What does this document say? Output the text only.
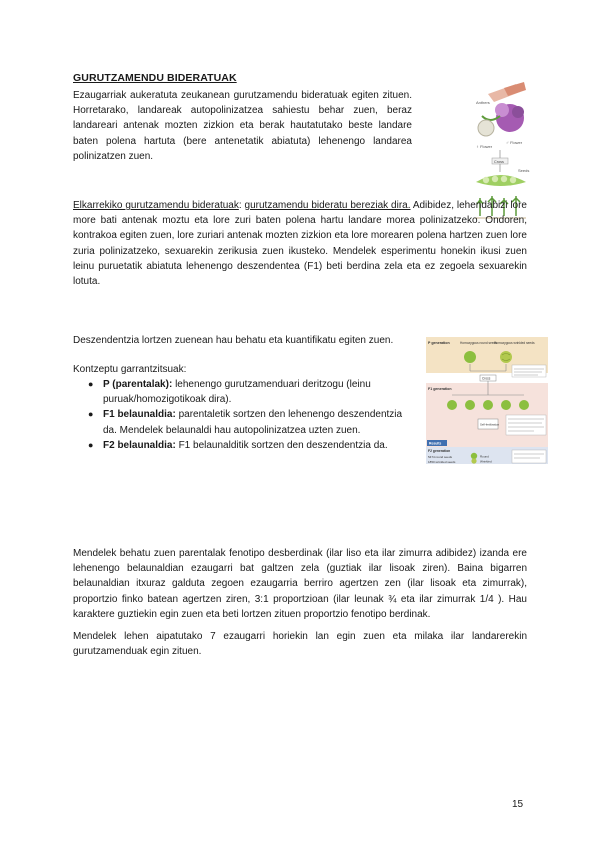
GURUTZAMENDU BIDERATUAK

Ezaugarriak aukeratuta zeukanean gurutzamendu bideratuak egiten zituen. Horretarako, landareak autopolinizatzea sahiestu behar zuen, beraz landareari antenak mozten zizkion eta berak hautatutako beste landare baten polena hartuta (bere antenetatik abiatuta) lehenengo landarea polinizatzen zuen.

Anthers
♀ Flower
♂ Flower
Cross
Seeds

Elkarrekiko gurutzamendu bideratuak: gurutzamendu bideratu bereziak dira. Adibidez, lehendabizi lore more bati antenak moztu eta lore zuri baten polena hartu landare morea polinizatzeko. Ondoren, kontrakoa egiten zuen, lore zuriari antenak mozten zizkion eta lore morearen polena hartzen zuen lore zuria polinizatzeko, sexuarekin zerikusia zuen ikusteko. Mendelek esperimentu honekin ikusi zuen leinu puruetatik abiatuta lehenengo deszendentea (F1) beti berdina zela eta ez zegoela sexuarekin lotuta.

Deszendentzia lortzen zuenean hau behatu eta kuantifikatu egiten zuen.

Kontzeptu garrantzitsuak:
● P (parentalak): lehenengo gurutzamenduari deritzogu (leinu puruak/homozigotikoak dira).
● F1 belaunaldia: parentaletik sortzen den lehenengo deszendentzia da. Mendelek belaunaldi hau autopolinizatzea uzten zuen.
● F2 belaunaldia: F1 belaunalditik sortzen den deszendentzia da.
P generation	Homozygous round seeds
Homozygous wrinkled seeds
Cross
F1 generation
Self-fertilization
Results
F2 generation
5474 round seeds
1850 wrinkled seeds
Round
Wrinkled

Mendelek behatu zuen parentalak fenotipo desberdinak (ilar liso eta ilar zimurra adibidez) izanda ere lehenengo belaunaldian ezaugarri bat galtzen zela (guztiak ilar lisoak ziren). Baina bigarren belaunaldian itxuraz galduta zegoen ezaugarria berriro agertzen zen (ilar lisoak eta zimurrak), proportzio finko batean agertzen ziren, 3:1 proportzioan (ilar leunak ¾ eta ilar zimurrak 1/4 ). Hau karaktere guztiekin egin zuen eta beti lortzen zituen proportzio fenotipo berdinak.

Mendelek lehen aipatutako 7 ezaugarri horiekin lan egin zuen eta milaka ilar landarerekin gurutzamenduak egin zituen.

15
